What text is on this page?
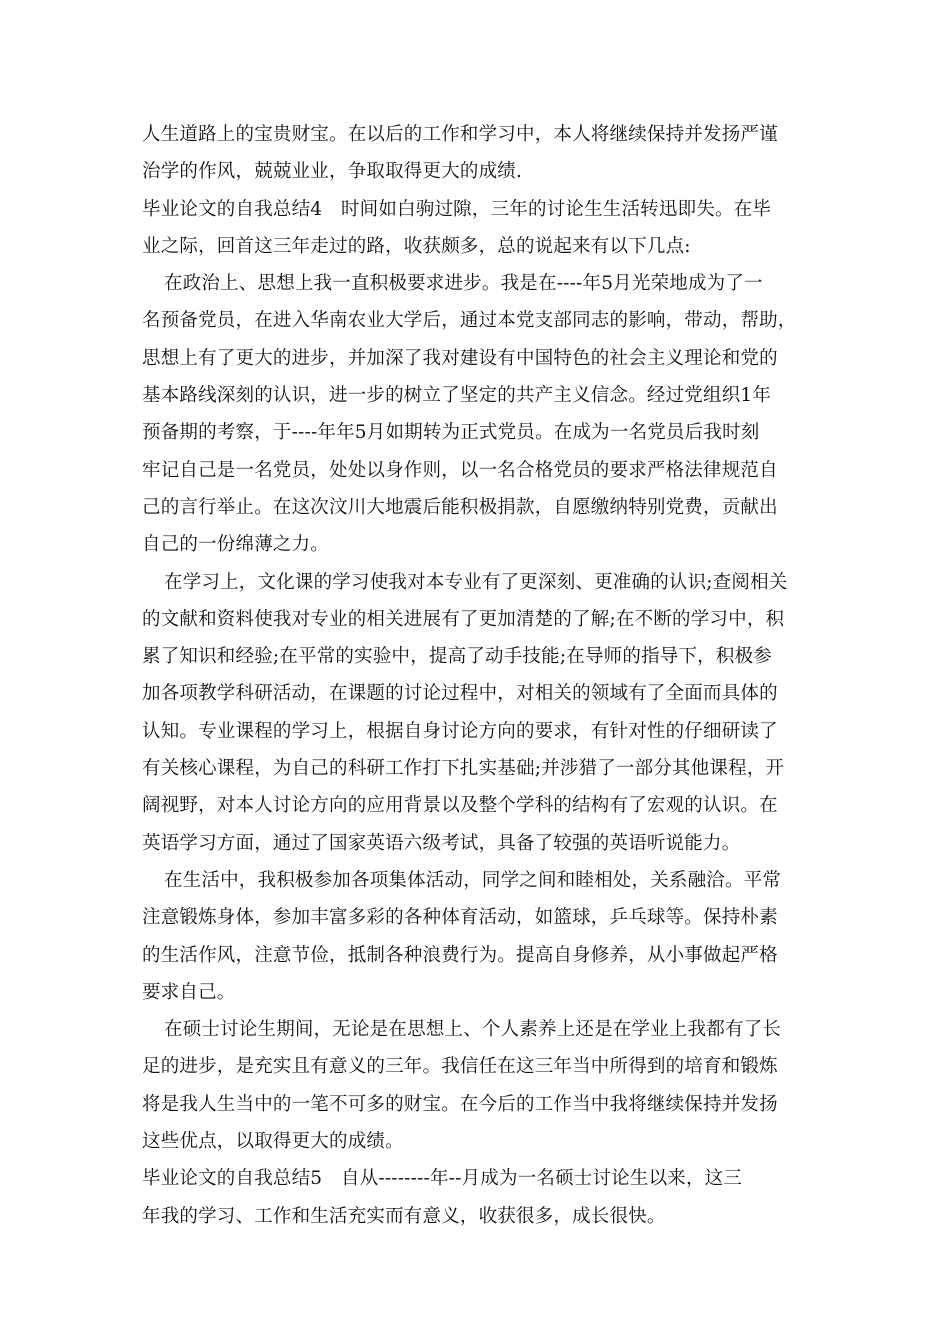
人生道路上的宝贵财宝。在以后的工作和学习中，本人将继续保持并发扬严谨
治学的作风，兢兢业业，争取取得更大的成绩.
毕业论文的自我总结4　时间如白驹过隙，三年的讨论生生活转迅即失。在毕
业之际，回首这三年走过的路，收获颇多，总的说起来有以下几点:
在政治上、思想上我一直积极要求进步。我是在----年5月光荣地成为了一
名预备党员，在进入华南农业大学后，通过本党支部同志的影响，带动，帮助，
思想上有了更大的进步，并加深了我对建设有中国特色的社会主义理论和党的
基本路线深刻的认识，进一步的树立了坚定的共产主义信念。经过党组织1年
预备期的考察，于----年年5月如期转为正式党员。在成为一名党员后我时刻
牢记自己是一名党员，处处以身作则，以一名合格党员的要求严格法律规范自
己的言行举止。在这次汶川大地震后能积极捐款，自愿缴纳特别党费，贡献出
自己的一份绵薄之力。
在学习上，文化课的学习使我对本专业有了更深刻、更准确的认识;查阅相关
的文献和资料使我对专业的相关进展有了更加清楚的了解;在不断的学习中，积
累了知识和经验;在平常的实验中，提高了动手技能;在导师的指导下，积极参
加各项教学科研活动，在课题的讨论过程中，对相关的领域有了全面而具体的
认知。专业课程的学习上，根据自身讨论方向的要求，有针对性的仔细研读了
有关核心课程，为自己的科研工作打下扎实基础;并涉猎了一部分其他课程，开
阔视野，对本人讨论方向的应用背景以及整个学科的结构有了宏观的认识。在
英语学习方面，通过了国家英语六级考试，具备了较强的英语听说能力。
在生活中，我积极参加各项集体活动，同学之间和睦相处，关系融洽。平常
注意锻炼身体，参加丰富多彩的各种体育活动，如篮球，乒乓球等。保持朴素
的生活作风，注意节俭，抵制各种浪费行为。提高自身修养，从小事做起严格
要求自己。
在硕士讨论生期间，无论是在思想上、个人素养上还是在学业上我都有了长
足的进步，是充实且有意义的三年。我信任在这三年当中所得到的培育和锻炼
将是我人生当中的一笔不可多的财宝。在今后的工作当中我将继续保持并发扬
这些优点，以取得更大的成绩。
毕业论文的自我总结5　自从--------年--月成为一名硕士讨论生以来，这三
年我的学习、工作和生活充实而有意义，收获很多，成长很快。
